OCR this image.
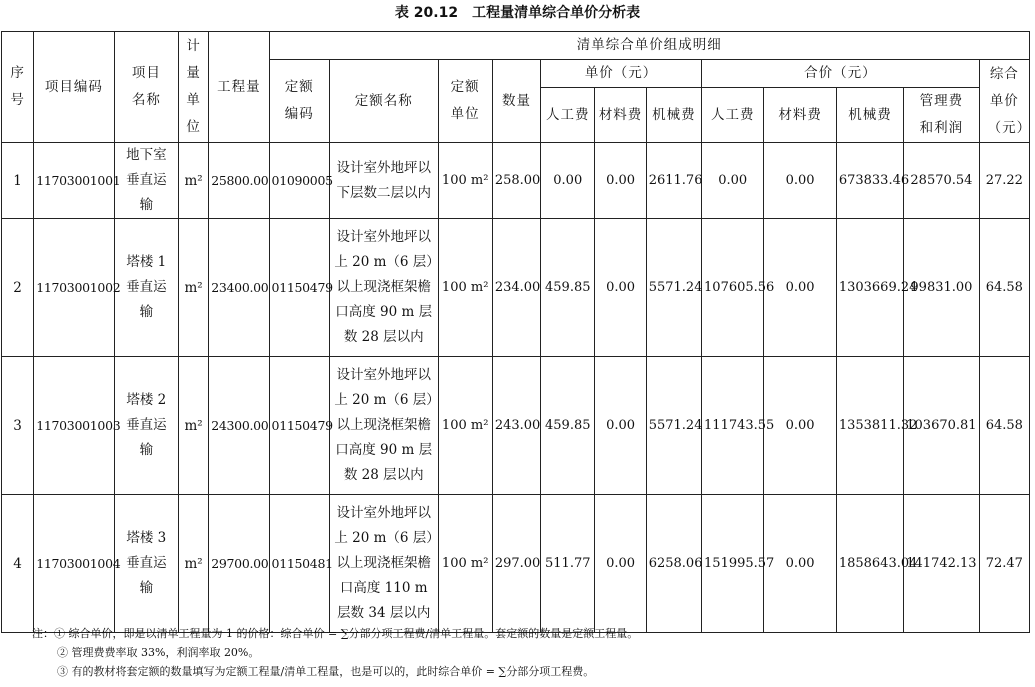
表 20.12　工程量清单综合单价分析表
序号	项目编码	项目名称	计量单位	工程量	清单综合单价组成明细											
					定额编码	定额名称	定额单位	数量	单价（元）			合价（元）				综合单价（元）
									人工费	材料费	机械费	人工费	材料费	机械费	管理费和利润	
1	11703001001	地下室垂直运输	m²	25800.00	01090005	设计室外地坪以下层数二层以内	100 m²	258.00	0.00	0.00	2611.76	0.00	0.00	673833.46	28570.54	27.22
2	11703001002	塔楼 1 垂直运输	m²	23400.00	01150479	设计室外地坪以上 20 m（6 层）以上现浇框架檐口高度 90 m 层数 28 层以内	100 m²	234.00	459.85	0.00	5571.24	107605.56	0.00	1303669.24	99831.00	64.58
3	11703001003	塔楼 2 垂直运输	m²	24300.00	01150479	设计室外地坪以上 20 m（6 层）以上现浇框架檐口高度 90 m 层数 28 层以内	100 m²	243.00	459.85	0.00	5571.24	111743.55	0.00	1353811.32	103670.81	64.58
4	11703001004	塔楼 3 垂直运输	m²	29700.00	01150481	设计室外地坪以上 20 m（6 层）以上现浇框架檐口高度 110 m 层数 34 层以内	100 m²	297.00	511.77	0.00	6258.06	151995.57	0.00	1858643.04	141742.13	72.47
注：① 综合单价，即是以清单工程量为 1 的价格：综合单价 = ∑分部分项工程费/清单工程量。套定额的数量是定额工程量。
② 管理费费率取 33%，利润率取 20%。
③ 有的教材将套定额的数量填写为定额工程量/清单工程量，也是可以的，此时综合单价 = ∑分部分项工程费。
